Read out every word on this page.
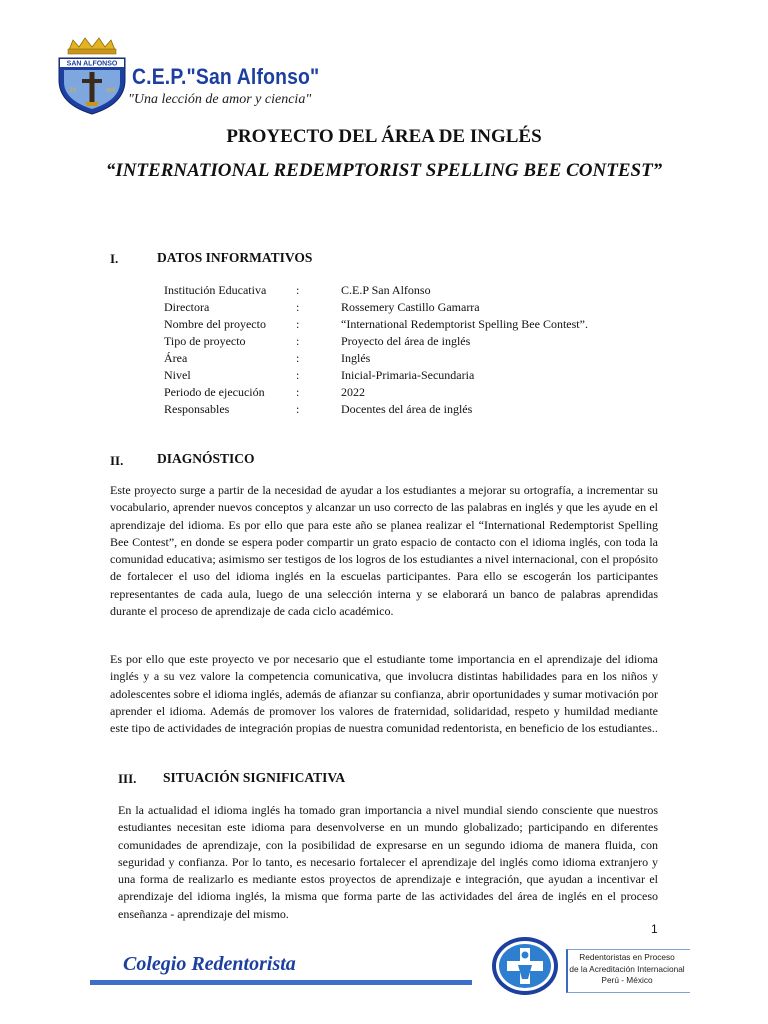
SAN ALFONSO
JS	MA
C.E.P."San Alfonso"
"Una lección de amor y ciencia"
PROYECTO DEL ÁREA DE INGLÉS
“INTERNATIONAL REDEMPTORIST SPELLING BEE CONTEST”
I.	DATOS INFORMATIVOS
Institución Educativa	:	C.E.P San Alfonso
Directora	:	Rossemery Castillo Gamarra
Nombre del proyecto	:	“International Redemptorist Spelling Bee Contest”.
Tipo de proyecto	:	Proyecto del área de inglés
Área	:	Inglés
Nivel	:	Inicial-Primaria-Secundaria
Periodo de ejecución	:	2022
Responsables	:	Docentes del área de inglés
II. DIAGNÓSTICO
Este proyecto surge a partir de la necesidad de ayudar a los estudiantes a mejorar su ortografía, a incrementar su vocabulario, aprender nuevos conceptos y alcanzar un uso correcto de las palabras en inglés y que les ayude en el aprendizaje del idioma. Es por ello que para este año se planea realizar el “International Redemptorist Spelling Bee Contest”, en donde se espera poder compartir un grato espacio de contacto con el idioma inglés, con toda la comunidad educativa; asimismo ser testigos de los logros de los estudiantes a nivel internacional, con el propósito de fortalecer el uso del idioma inglés en la escuelas participantes. Para ello se escogerán los participantes representantes de cada aula, luego de una selección interna y se elaborará un banco de palabras aprendidas durante el proceso de aprendizaje de cada ciclo académico.
Es por ello que este proyecto ve por necesario que el estudiante tome importancia en el aprendizaje del idioma inglés y a su vez valore la competencia comunicativa, que involucra distintas habilidades para en los niños y adolescentes sobre el idioma inglés, además de afianzar su confianza, abrir oportunidades y sumar motivación por aprender el idioma. Además de promover los valores de fraternidad, solidaridad, respeto y humildad mediante este tipo de actividades de integración propias de nuestra comunidad redentorista, en beneficio de los estudiantes..
III. SITUACIÓN SIGNIFICATIVA
En la actualidad el idioma inglés ha tomado gran importancia a nivel mundial siendo consciente que nuestros estudiantes necesitan este idioma para desenvolverse en un mundo globalizado; participando en diferentes comunidades de aprendizaje, con la posibilidad de expresarse en un segundo idioma de manera fluida, con seguridad y confianza. Por lo tanto, es necesario fortalecer el aprendizaje del inglés como idioma extranjero y una forma de realizarlo es mediante estos proyectos de aprendizaje e integración, que ayudan a incentivar el aprendizaje del idioma inglés, la misma que forma parte de las actividades del área de inglés en el proceso enseñanza - aprendizaje del mismo.
1
Colegio Redentorista	Redentoristas en Proceso
de la Acreditación Internacional
Perú - México
